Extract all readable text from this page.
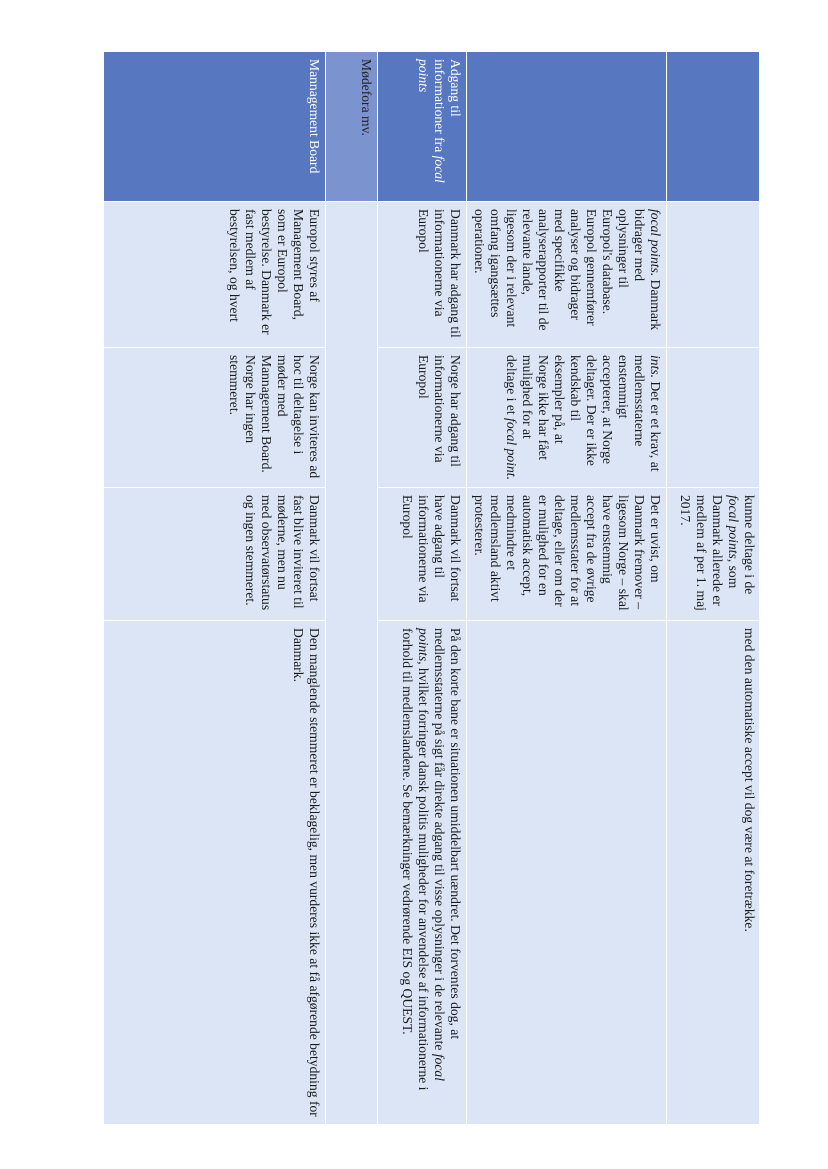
kunne deltage i de focal points, som Danmark allerede er medlem af per 1. maj 2017.
med den automatiske accept vil dog være at foretrække.
Adgang til informationer fra focal points
Danmark har adgang til informationerne via Europol
Norge har adgang til informationerne via Europol
Danmark vil fortsat have adgang til informationerne via Europol
På den korte bane er situationen umiddelbart uændret. Det forventes dog, at medlemsstaterne på sigt får direkte adgang til visse oplysninger i de relevante focal points, hvilket forringer dansk politis muligheder for anvendelse af informationerne i forhold til medlemslandene. Se bemærkninger vedrørende EIS og QUEST.
focal points. Danmark bidrager med oplysninger til Europol's database. Europol gennemfører analyser og bidrager med specifikke analyserapporter til de relevante lande, ligesom der i relevant omfang igangsættes operationer.
ints. Det er et krav, at medlemsstaterne enstemmigt accepterer, at Norge deltager. Der er ikke kendskab til eksempler på, at Norge ikke har fået mulighed for at deltage i et focal point.
Det er uvist, om Danmark fremover – ligesom Norge – skal have enstemmig accept fra de øvrige medlemsstater for at deltage, eller om der er mulighed for en automatisk accept, medmindre et medlemsland aktivt protesterer.
Mødefora mv.
Mannagement Board
Europol styres af Management Board, som er Europol bestyrelse. Danmark er fast medlem af bestyrelsen, og hvert
Norge kan inviteres ad hoc til deltagelse i møder med Mannagement Board. Norge har ingen stemmeret.
Danmark vil fortsat fast blive inviteret til møderne, men nu med observatørstatus og ingen stemmeret.
Den manglende stemmeret er beklagelig, men vurderes ikke at få afgørende betydning for Danmark.
